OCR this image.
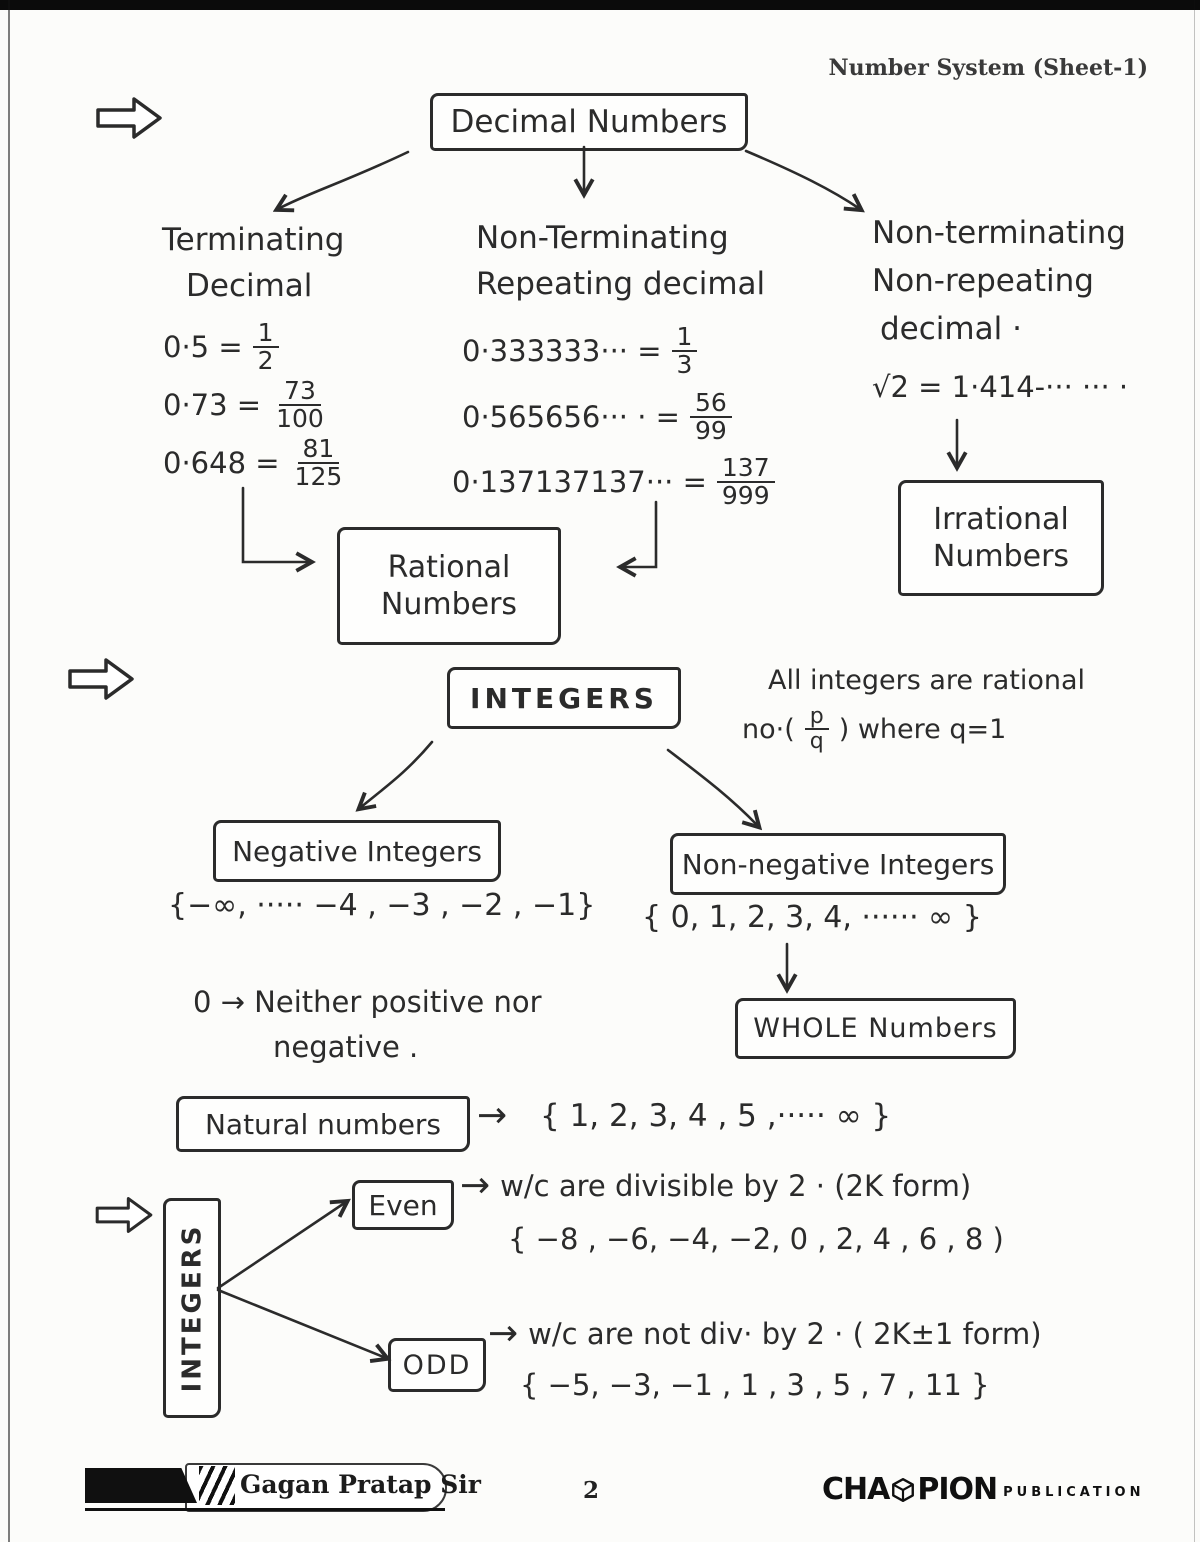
Number System (Sheet-1)
Decimal Numbers
Terminating
Decimal
$0\cdot 5 = \frac{1}{2}$
$0\cdot 73 = \frac{73}{100}$
$0\cdot 648 = \frac{81}{125}$
Non-Terminating
Repeating decimal
$0\cdot 333333\cdot\cdot\cdot = \frac{1}{3}$
0·565656··· · = $\frac{56}{99}$
$0\cdot 137137137\cdot\cdot\cdot = \frac{137}{999}$
Non-terminating
Non-repeating
decimal ·
√2 = 1·414-··· ··· ·
Irrational
Numbers
Rational
Numbers
INTEGERS
All integers are rational
$no\cdot( \frac{p}{q}$ ) where q=1
Negative Integers
{−∞, ····· −4 , −3 , −2 , −1}
Non-negative Integers
{ 0, 1, 2, 3, 4, ······ ∞ }
WHOLE Numbers
0 → Neither positive nor
negative .
Natural numbers → { 1, 2, 3, 4 , 5 ,····· ∞ }
INTEGERS
Even → w/c are divisible by 2 · (2K form)
{ −8 , −6, −4, −2, 0 , 2, 4 , 6 , 8 )
ODD
→ w/c are not div· by 2 · ( 2K±1 form)
{ −5, −3, −1 , 1 , 3 , 5 , 7 , 11 }
Gagan Pratap Sir	2	CHA PION PUBLICATION
